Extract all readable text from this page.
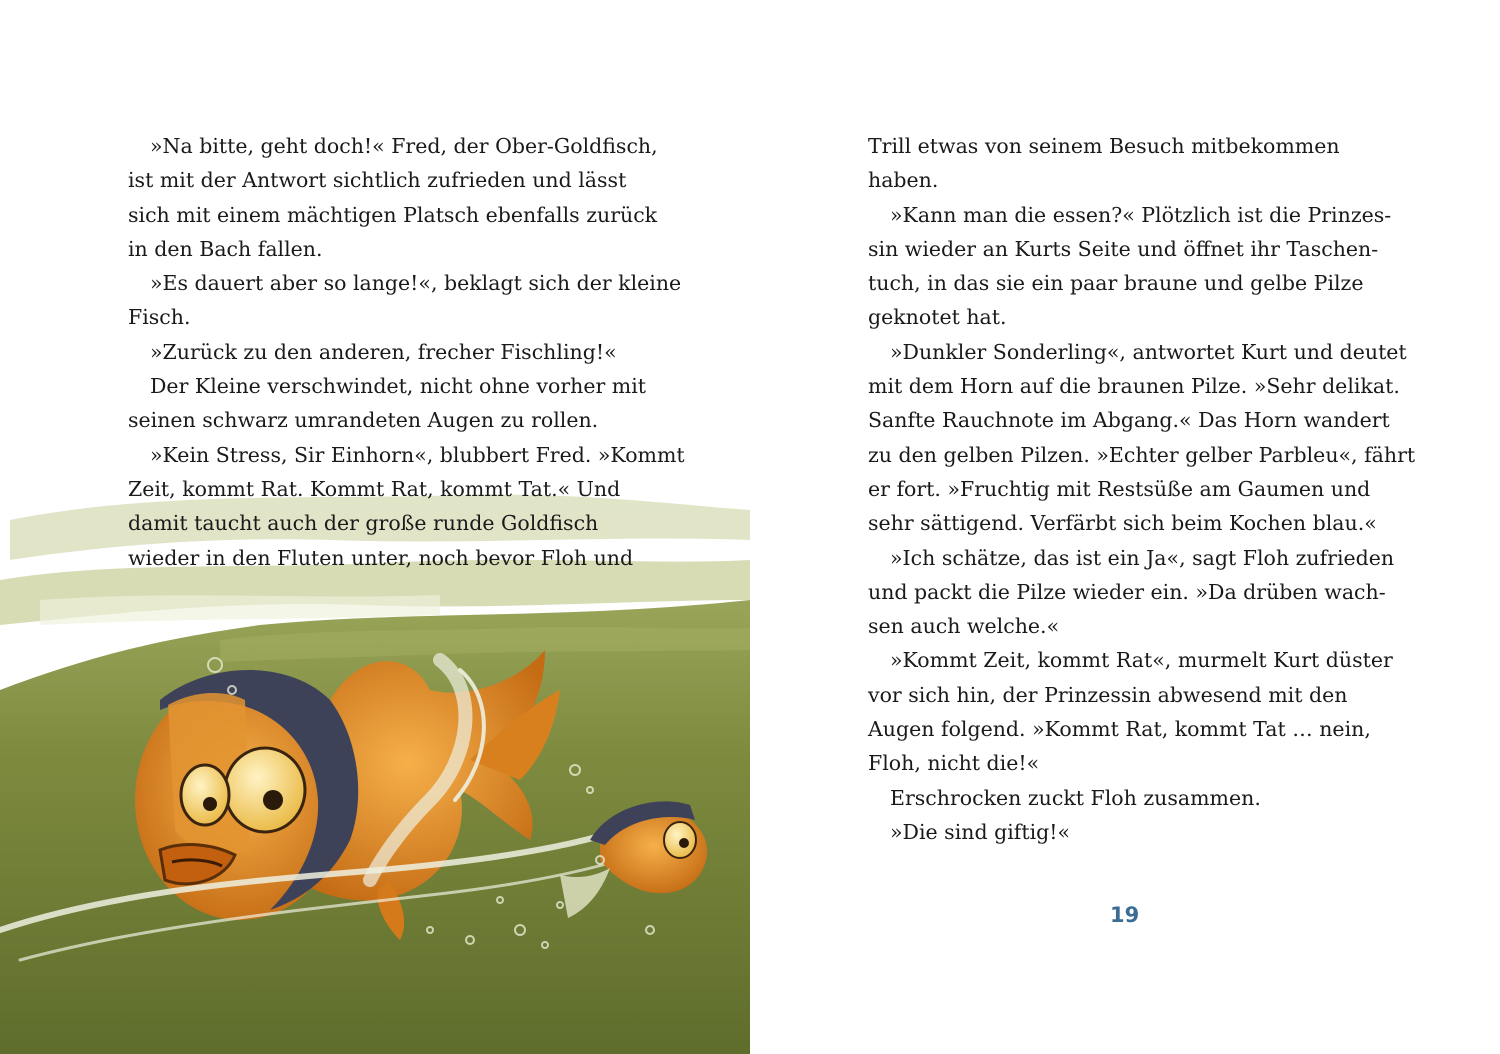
»Na bitte, geht doch!« Fred, der Ober-Goldfisch,
ist mit der Antwort sichtlich zufrieden und lässt
sich mit einem mächtigen Platsch ebenfalls zurück
in den Bach fallen.
»Es dauert aber so lange!«, beklagt sich der kleine
Fisch.
»Zurück zu den anderen, frecher Fischling!«
Der Kleine verschwindet, nicht ohne vorher mit
seinen schwarz umrandeten Augen zu rollen.
»Kein Stress, Sir Einhorn«, blubbert Fred. »Kommt
Zeit, kommt Rat. Kommt Rat, kommt Tat.« Und
damit taucht auch der große runde Goldfisch
wieder in den Fluten unter, noch bevor Floh und
Trill etwas von seinem Besuch mitbekommen
haben.
»Kann man die essen?« Plötzlich ist die Prinzes-
sin wieder an Kurts Seite und öffnet ihr Taschen-
tuch, in das sie ein paar braune und gelbe Pilze
geknotet hat.
»Dunkler Sonderling«, antwortet Kurt und deutet
mit dem Horn auf die braunen Pilze. »Sehr delikat.
Sanfte Rauchnote im Abgang.« Das Horn wandert
zu den gelben Pilzen. »Echter gelber Parbleu«, fährt
er fort. »Fruchtig mit Restsüße am Gaumen und
sehr sättigend. Verfärbt sich beim Kochen blau.«
»Ich schätze, das ist ein Ja«, sagt Floh zufrieden
und packt die Pilze wieder ein. »Da drüben wach-
sen auch welche.«
»Kommt Zeit, kommt Rat«, murmelt Kurt düster
vor sich hin, der Prinzessin abwesend mit den
Augen folgend. »Kommt Rat, kommt Tat … nein,
Floh, nicht die!«
Erschrocken zuckt Floh zusammen.
»Die sind giftig!«
19
